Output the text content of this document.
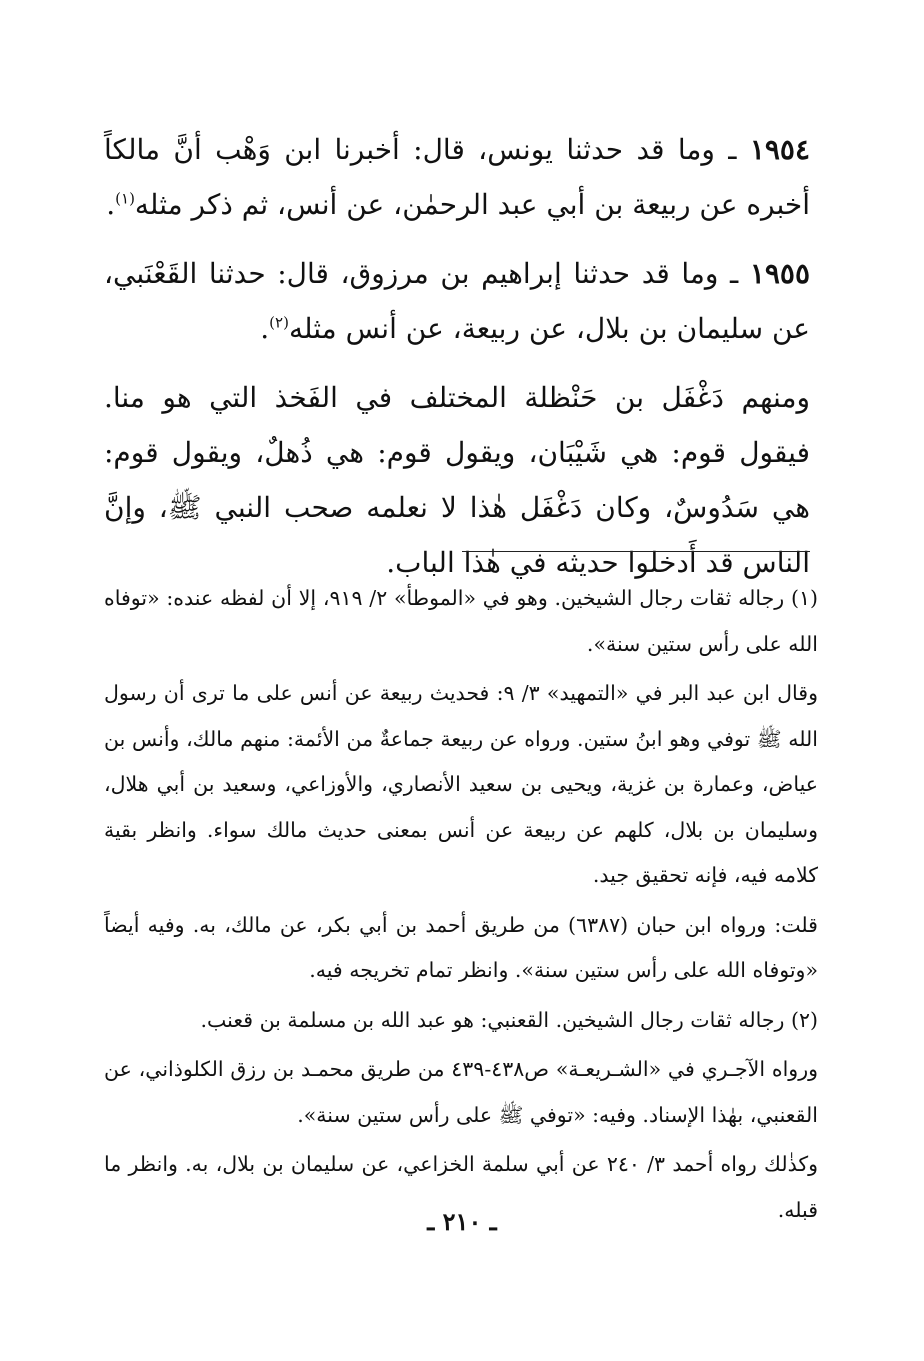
١٩٥٤ ـ وما قد حدثنا يونس، قال: أخبرنا ابن وَهْب أنَّ مالكاً أخبره عن ربيعة بن أبي عبد الرحمٰن، عن أنس، ثم ذكر مثله$^{(١)}$.

١٩٥٥ ـ وما قد حدثنا إبراهيم بن مرزوق، قال: حدثنا القَعْنَبي، عن سليمان بن بلال، عن ربيعة، عن أنس مثله$^{(٢)}$.

ومنهم دَغْفَل بن حَنْظلة المختلف في الفَخذ التي هو منا. فيقول قوم: هي شَيْبَان، ويقول قوم: هي ذُهلٌ، ويقول قوم: هي سَدُوسٌ، وكان دَغْفَل هٰذا لا نعلمه صحب النبي ﷺ، وإنَّ الناس قد أَدخلوا حديثه في هٰذا الباب.

(١) رجاله ثقات رجال الشيخين. وهو في «الموطأ» ٢/ ٩١٩، إلا أن لفظه عنده: «توفاه الله على رأس ستين سنة».

وقال ابن عبد البر في «التمهيد» ٣/ ٩: فحديث ربيعة عن أنس على ما ترى أن رسول الله ﷺ توفي وهو ابنُ ستين. ورواه عن ربيعة جماعةٌ من الأئمة: منهم مالك، وأنس بن عياض، وعمارة بن غزية، ويحيى بن سعيد الأنصاري، والأوزاعي، وسعيد بن أبي هلال، وسليمان بن بلال، كلهم عن ربيعة عن أنس بمعنى حديث مالك سواء. وانظر بقية كلامه فيه، فإنه تحقيق جيد.

قلت: ورواه ابن حبان (٦٣٨٧) من طريق أحمد بن أبي بكر، عن مالك، به. وفيه أيضاً «وتوفاه الله على رأس ستين سنة». وانظر تمام تخريجه فيه.

(٢) رجاله ثقات رجال الشيخين. القعنبي: هو عبد الله بن مسلمة بن قعنب.

ورواه الآجـري في «الشـريعـة» ص٤٣٨-٤٣٩ من طريق محمـد بن رزق الكلوذاني، عن القعنبي، بهٰذا الإسناد. وفيه: «توفي ﷺ على رأس ستين سنة».

وكذٰلك رواه أحمد ٣/ ٢٤٠ عن أبي سلمة الخزاعي، عن سليمان بن بلال، به. وانظر ما قبله.

ـ ٢١٠ ـ
